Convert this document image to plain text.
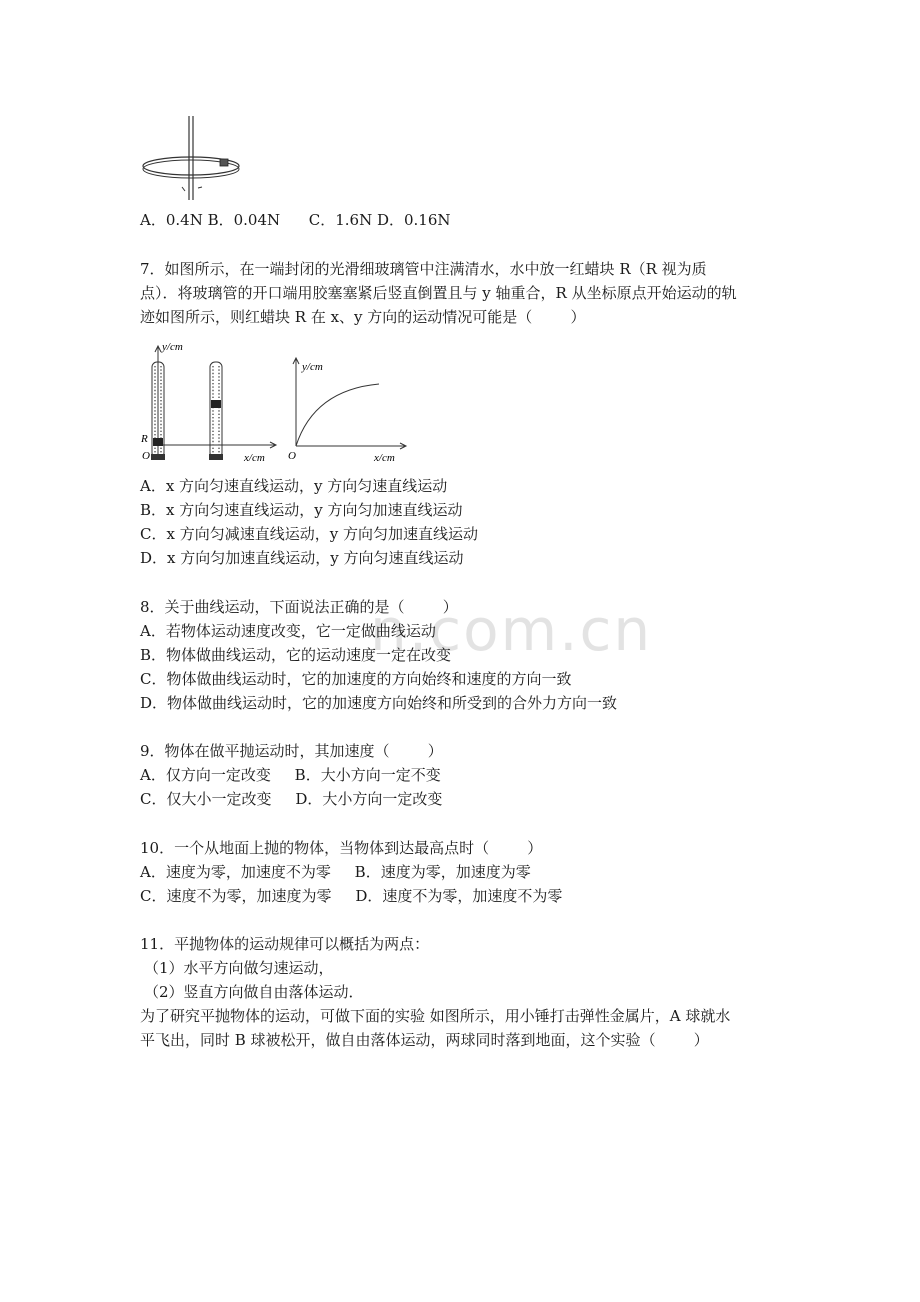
n.com.cn
A．0.4N B．0.04N      C．1.6N D．0.16N
7．如图所示，在一端封闭的光滑细玻璃管中注满清水，水中放一红蜡块 R（R 视为质
点）．将玻璃管的开口端用胶塞塞紧后竖直倒置且与 y 轴重合，R 从坐标原点开始运动的轨
迹如图所示，则红蜡块 R 在 x、y 方向的运动情况可能是（        ）
y/cm
x/cm
O
R
y/cm
x/cm
O
A．x 方向匀速直线运动，y 方向匀速直线运动
B．x 方向匀速直线运动，y 方向匀加速直线运动
C．x 方向匀减速直线运动，y 方向匀加速直线运动
D．x 方向匀加速直线运动，y 方向匀速直线运动
8．关于曲线运动，下面说法正确的是（        ）
A．若物体运动速度改变，它一定做曲线运动
B．物体做曲线运动，它的运动速度一定在改变
C．物体做曲线运动时，它的加速度的方向始终和速度的方向一致
D．物体做曲线运动时，它的加速度方向始终和所受到的合外力方向一致
9．物体在做平抛运动时，其加速度（        ）
A．仅方向一定改变     B．大小方向一定不变
C．仅大小一定改变     D．大小方向一定改变
10．一个从地面上抛的物体，当物体到达最高点时（        ）
A．速度为零，加速度不为零     B．速度为零，加速度为零
C．速度不为零，加速度为零     D．速度不为零，加速度不为零
11．平抛物体的运动规律可以概括为两点：
（1）水平方向做匀速运动，
（2）竖直方向做自由落体运动．
为了研究平抛物体的运动，可做下面的实验 如图所示，用小锤打击弹性金属片，A 球就水
平飞出，同时 B 球被松开，做自由落体运动，两球同时落到地面，这个实验（        ）
